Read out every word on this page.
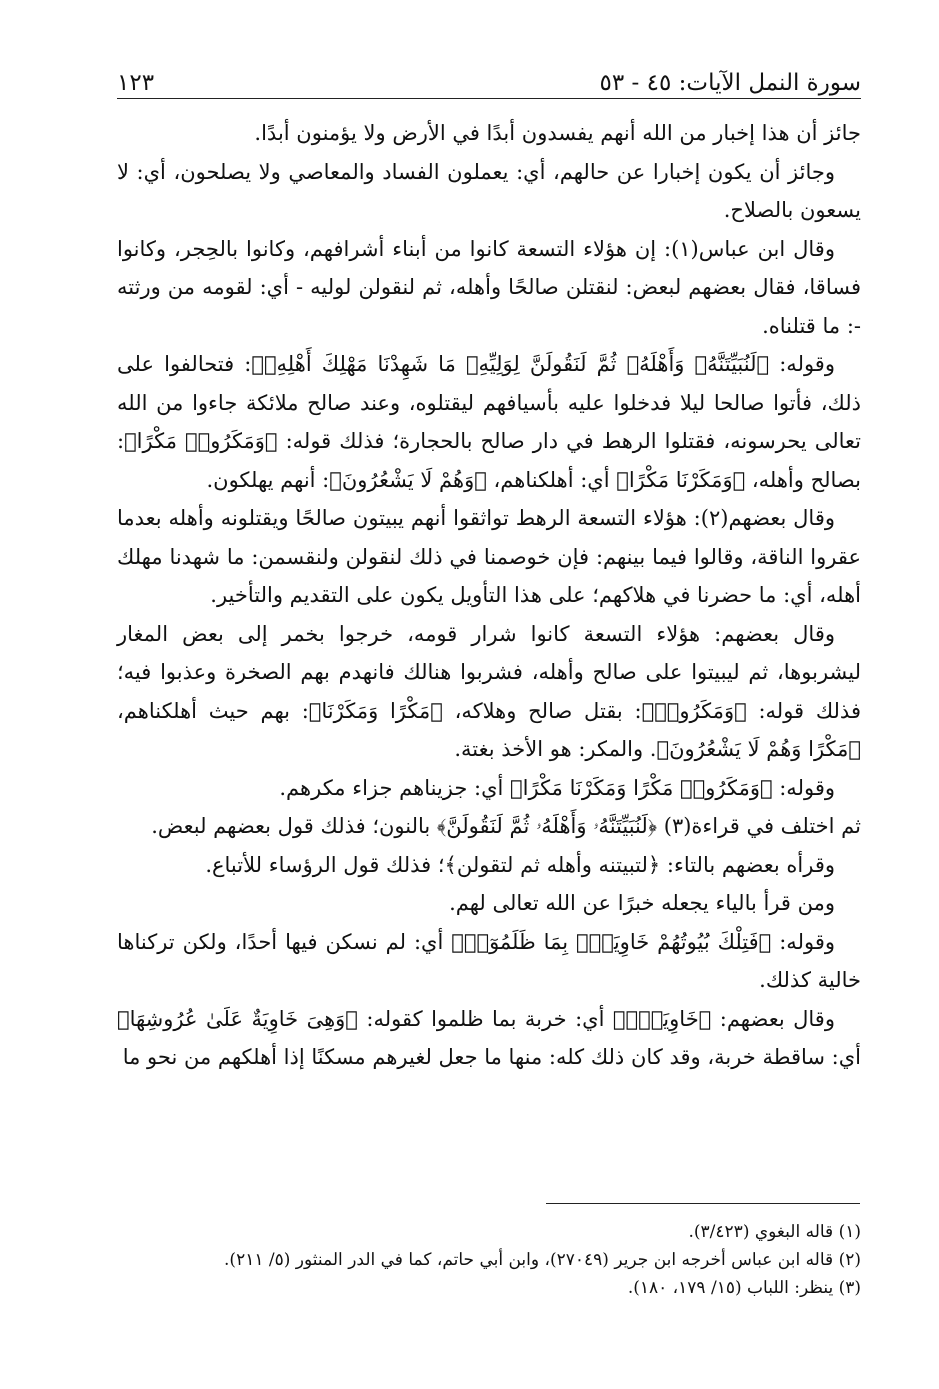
سورة النمل الآيات: ٤٥ - ٥٣
١٢٣

جائز أن هذا إخبار من الله أنهم يفسدون أبدًا في الأرض ولا يؤمنون أبدًا.

وجائز أن يكون إخبارا عن حالهم، أي: يعملون الفساد والمعاصي ولا يصلحون، أي: لا يسعون بالصلاح.

وقال ابن عباس(١): إن هؤلاء التسعة كانوا من أبناء أشرافهم، وكانوا بالحِجر، وكانوا فساقا، فقال بعضهم لبعض: لنقتلن صالحًا وأهله، ثم لنقولن لوليه - أي: لقومه من ورثته -: ما قتلناه.

وقوله: ﴿لَنُبَيِّتَنَّهُۥ وَأَهْلَهُۥ ثُمَّ لَنَقُولَنَّ لِوَلِيِّهِۦ مَا شَهِدْنَا مَهْلِكَ أَهْلِهِۦ﴾: فتحالفوا على ذلك، فأتوا صالحا ليلا فدخلوا عليه بأسيافهم ليقتلوه، وعند صالح ملائكة جاءوا من الله تعالى يحرسونه، فقتلوا الرهط في دار صالح بالحجارة؛ فذلك قوله: ﴿وَمَكَرُوا۟ مَكْرًا﴾: بصالح وأهله، ﴿وَمَكَرْنَا مَكْرًا﴾ أي: أهلكناهم، ﴿وَهُمْ لَا يَشْعُرُونَ﴾: أنهم يهلكون.

وقال بعضهم(٢): هؤلاء التسعة الرهط تواثقوا أنهم يبيتون صالحًا ويقتلونه وأهله بعدما عقروا الناقة، وقالوا فيما بينهم: فإن خوصمنا في ذلك لنقولن ولنقسمن: ما شهدنا مهلك أهله، أي: ما حضرنا في هلاكهم؛ على هذا التأويل يكون على التقديم والتأخير.

وقال بعضهم: هؤلاء التسعة كانوا شرار قومه، خرجوا بخمر إلى بعض المغار ليشربوها، ثم ليبيتوا على صالح وأهله، فشربوا هنالك فانهدم بهم الصخرة وعذبوا فيه؛ فذلك قوله: ﴿وَمَكَرُوا۟﴾: بقتل صالح وهلاكه، ﴿مَكْرًا وَمَكَرْنَا﴾: بهم حيث أهلكناهم، ﴿مَكْرًا وَهُمْ لَا يَشْعُرُونَ﴾. والمكر: هو الأخذ بغتة.

وقوله: ﴿وَمَكَرُوا۟ مَكْرًا وَمَكَرْنَا مَكْرًا﴾ أي: جزيناهم جزاء مكرهم.

ثم اختلف في قراءة(٣) ﴿لَنُبَيِّتَنَّهُۥ وَأَهْلَهُۥ ثُمَّ لَنَقُولَنَّ﴾ بالنون؛ فذلك قول بعضهم لبعض.

وقرأه بعضهم بالتاء: ﴿لتبيتنه وأهله ثم لتقولن﴾؛ فذلك قول الرؤساء للأتباع.

ومن قرأ بالياء يجعله خبرًا عن الله تعالى لهم.

وقوله: ﴿فَتِلْكَ بُيُوتُهُمْ خَاوِيَةًۢ بِمَا ظَلَمُوٓا۟﴾ أي: لم نسكن فيها أحدًا، ولكن تركناها خالية كذلك.

وقال بعضهم: ﴿خَاوِيَةًۢ﴾ أي: خربة بما ظلموا كقوله: ﴿وَهِىَ خَاوِيَةٌ عَلَىٰ عُرُوشِهَا﴾ أي: ساقطة خربة، وقد كان ذلك كله: منها ما جعل لغيرهم مسكنًا إذا أهلكهم من نحو ما

(١) قاله البغوي (٣/٤٢٣).

(٢) قاله ابن عباس أخرجه ابن جرير (٢٧٠٤٩)، وابن أبي حاتم، كما في الدر المنثور (٥/ ٢١١).

(٣) ينظر: اللباب (١٥/ ١٧٩، ١٨٠).
